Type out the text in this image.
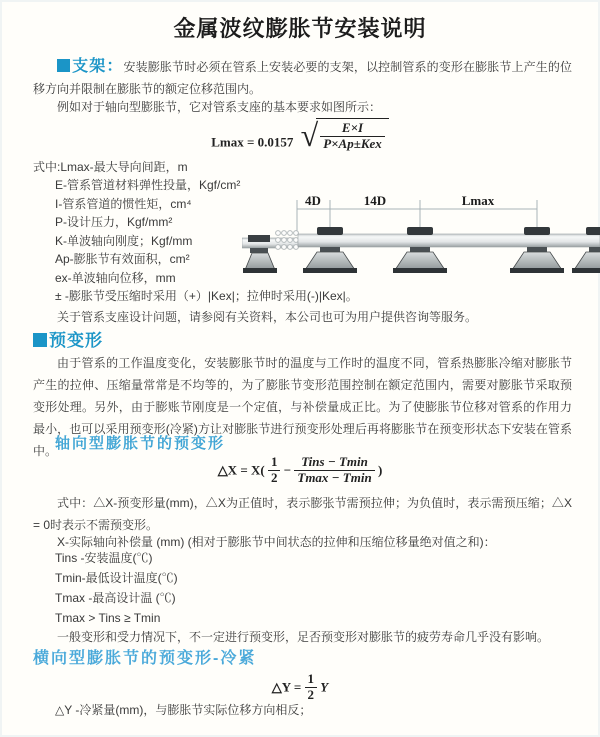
金属波纹膨胀节安装说明
支架：安装膨胀节时必须在管系上安装必要的支架，以控制管系的变形在膨胀节上产生的位移方向并限制在膨胀节的额定位移范围内。
例如对于轴向型膨胀节，它对管系支座的基本要求如图所示：
Lmax = 0.0157 √ $\frac{E\times I}{\text{P×Ap±Kex}}$
式中:Lmax-最大导向间距，m
E-管系管道材料弹性投量，Kgf/cm²
I-管系管道的惯性矩，cm⁴
P-设计压力，Kgf/mm²
K-单波轴向刚度；Kgf/mm
Ap-膨胀节有效面积，cm²
ex-单波轴向位移，mm
± -膨胀节受压缩时采用（+）|Kex|；拉伸时采用(-)|Kex|。
4D	14D	Lmax
关于管系支座设计问题，请参阅有关资料，本公司也可为用户提供咨询等服务。
预变形
由于管系的工作温度变化，安装膨胀节时的温度与工作时的温度不同，管系热膨胀冷缩对膨胀节产生的拉伸、压缩量常常是不均等的，为了膨胀节变形范围控制在额定范围内，需要对膨胀节采取预变形处理。另外，由于膨账节刚度是一个定值，与补偿量成正比。为了使膨胀节位移对管系的作用力最小，也可以采用预变形(冷紧)方让对膨胀节进行预变形处理后再将膨胀节在预变形状态下安装在管系中。
轴向型膨胀节的预变形
△X = $X( \frac{1}{2} - \frac{\text{Tins − Tmin}}{Tmax - Tmin}$ )
式中：△X-预变形量(mm)，△X为正值时，表示膨张节需预拉伸；为负值时，表示需预压缩；△X = 0时表示不需预变形。
X-实际轴向补偿量 (mm) (相对于膨胀节中间状态的拉伸和压缩位移量绝对值之和)：
Tins -安装温度(℃)
Tmin-最低设计温度(℃)
Tmax -最高设计温 (℃)
Tmax > Tins ≥ Tmin
一般变形和受力情况下，不一定进行预变形，足否预变形对膨胀节的疲劳寿命几乎没有影响。
横向型膨胀节的预变形-冷紧
△Y = $\frac{1}{2}$ Y
△Y -冷紧量(mm)，与膨胀节实际位移方向相反；
